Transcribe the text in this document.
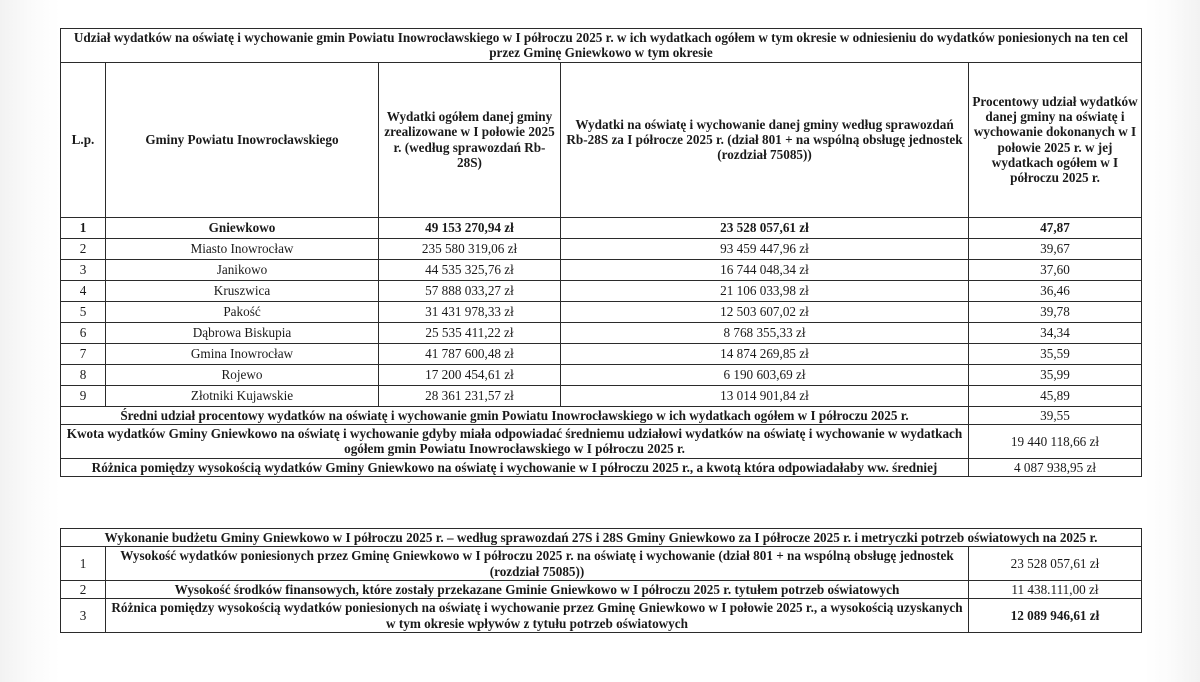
Udział wydatków na oświatę i wychowanie gmin Powiatu Inowrocławskiego w I półroczu 2025 r. w ich wydatkach ogółem w tym okresie w odniesieniu do wydatków poniesionych na ten cel przez Gminę Gniewkowo w tym okresie				
L.p.	Gminy Powiatu Inowrocławskiego	Wydatki ogółem danej gminy zrealizowane w I połowie 2025 r. (według sprawozdań Rb-28S)	Wydatki na oświatę i wychowanie danej gminy według sprawozdań Rb-28S za I półrocze 2025 r. (dział 801 + na wspólną obsługę jednostek (rozdział 75085))	Procentowy udział wydatków danej gminy na oświatę i wychowanie dokonanych w I połowie 2025 r. w jej wydatkach ogółem w I półroczu 2025 r.
1	Gniewkowo	49 153 270,94 zł	23 528 057,61 zł	47,87
2	Miasto Inowrocław	235 580 319,06 zł	93 459 447,96 zł	39,67
3	Janikowo	44 535 325,76 zł	16 744 048,34 zł	37,60
4	Kruszwica	57 888 033,27 zł	21 106 033,98 zł	36,46
5	Pakość	31 431 978,33 zł	12 503 607,02 zł	39,78
6	Dąbrowa Biskupia	25 535 411,22 zł	8 768 355,33 zł	34,34
7	Gmina Inowrocław	41 787 600,48 zł	14 874 269,85 zł	35,59
8	Rojewo	17 200 454,61 zł	6 190 603,69 zł	35,99
9	Złotniki Kujawskie	28 361 231,57 zł	13 014 901,84 zł	45,89
Średni udział procentowy wydatków na oświatę i wychowanie gmin Powiatu Inowrocławskiego w ich wydatkach ogółem w I półroczu 2025 r.				39,55
Kwota wydatków Gminy Gniewkowo na oświatę i wychowanie gdyby miała odpowiadać średniemu udziałowi wydatków na oświatę i wychowanie w wydatkach ogółem gmin Powiatu Inowrocławskiego w I półroczu 2025 r.				19 440 118,66 zł
Różnica pomiędzy wysokością wydatków Gminy Gniewkowo na oświatę i wychowanie w I półroczu 2025 r., a kwotą która odpowiadałaby ww. średniej				4 087 938,95 zł
Wykonanie budżetu Gminy Gniewkowo w I półroczu 2025 r. – według sprawozdań 27S i 28S Gminy Gniewkowo za I półrocze 2025 r. i metryczki potrzeb oświatowych na 2025 r.		
1	Wysokość wydatków poniesionych przez Gminę Gniewkowo w I półroczu 2025 r. na oświatę i wychowanie (dział 801 + na wspólną obsługę jednostek (rozdział 75085))	23 528 057,61 zł
2	Wysokość środków finansowych, które zostały przekazane Gminie Gniewkowo w I półroczu 2025 r. tytułem potrzeb oświatowych	11 438.111,00 zł
3	Różnica pomiędzy wysokością wydatków poniesionych na oświatę i wychowanie przez Gminę Gniewkowo w I połowie 2025 r., a wysokością uzyskanych w tym okresie wpływów z tytułu potrzeb oświatowych	12 089 946,61 zł
